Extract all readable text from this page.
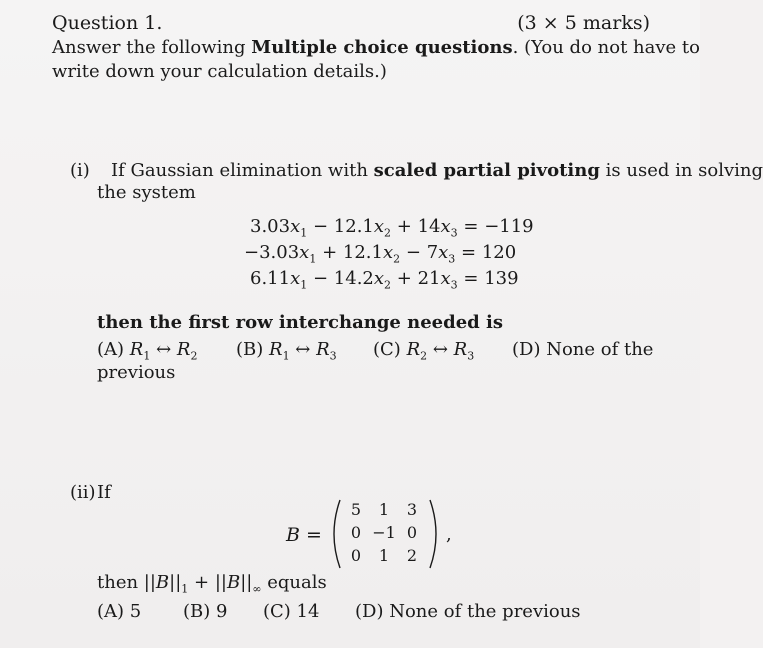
Question 1.	(3 × 5 marks)
Answer the following Multiple choice questions. (You do not have to
write down your calculation details.)
(i) If Gaussian elimination with scaled partial pivoting is used in solving
the system
$3.03x_1 - 12.1x_2 + 14x_3 = -119$
$-3.03x_1 + 12.1x_2 - 7x_3 = 120$
$6.11x_1 - 14.2x_2 + 21x_3 = 139$
then the first row interchange needed is
(A) $R_1$ ↔ $R_2$ (B) $R_1$ ↔ $R_3$ (C) $R_2$ ↔ $R_3$ (D) None of the
previous
(ii) If
B =
5	1	3
0 −1 0
0	1	2
,
then $||B||_1 + ||B||_\infty$ equals
(A) 5 (B) 9 (C) 14 (D) None of the previous
